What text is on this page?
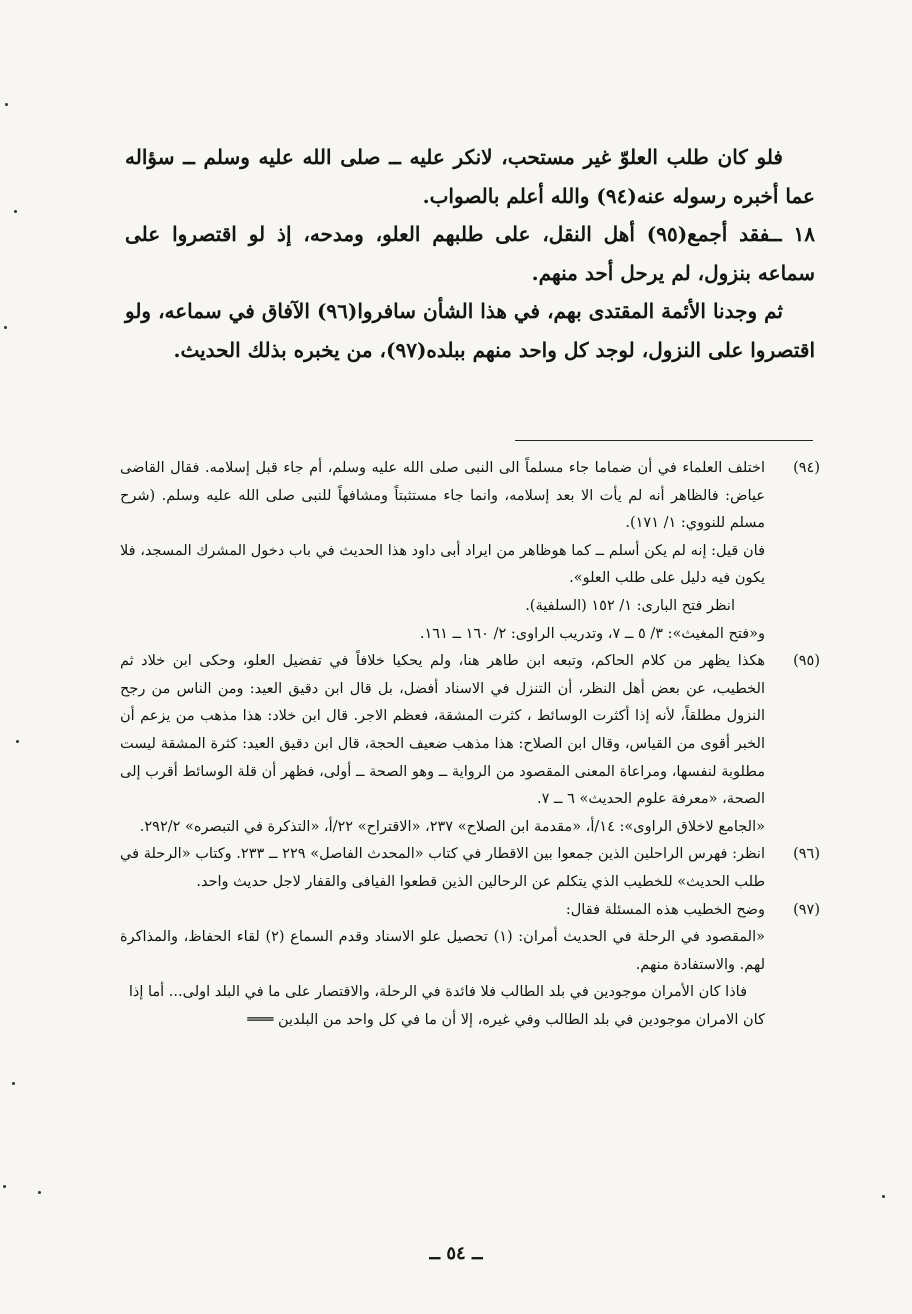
فلو كان طلب العلوّ غير مستحب، لانكر عليه ــ صلى الله عليه وسلم ــ سؤاله عما أخبره رسوله عنه(٩٤) والله أعلم بالصواب.

١٨ ــفقد أجمع(٩٥) أهل النقل، على طلبهم العلو، ومدحه، إذ لو اقتصروا على سماعه بنزول، لم يرحل أحد منهم.

ثم وجدنا الأئمة المقتدى بهم، في هذا الشأن سافروا(٩٦) الآفاق في سماعه، ولو اقتصروا على النزول، لوجد كل واحد منهم ببلده(٩٧)، من يخبره بذلك الحديث.

(٩٤)

اختلف العلماء في أن ضماما جاء مسلماً الى النبى صلى الله عليه وسلم، أم جاء قبل إسلامه. فقال القاضى عياض: فالظاهر أنه لم يأت الا بعد إسلامه، وانما جاء مستثبتاً ومشافهاً للنبى صلى الله عليه وسلم. (شرح مسلم للنووي: ١/ ١٧١).

فان قيل: إنه لم يكن أسلم ــ كما هوظاهر من ايراد أبى داود هذا الحديث في باب دخول المشرك المسجد، فلا يكون فيه دليل على طلب العلو».

انظر فتح البارى: ١/ ١٥٢ (السلفية).

و«فتح المغيث»: ٣/ ٥ ــ ٧، وتدريب الراوى: ٢/ ١٦٠ ــ ١٦١.

(٩٥)

هكذا يظهر من كلام الحاكم، وتبعه ابن طاهر هنا، ولم يحكيا خلافاً في تفضيل العلو، وحكى ابن خلاد ثم الخطيب، عن بعض أهل النظر، أن التنزل في الاسناد أفضل، بل قال ابن دقيق العيد: ومن الناس من رجح النزول مطلقاً، لأنه إذا أكثرت الوسائط ، كثرت المشقة، فعظم الاجر. قال ابن خلاد: هذا مذهب من يزعم أن الخبر أقوى من القياس، وقال ابن الصلاح: هذا مذهب ضعيف الحجة، قال ابن دقيق العيد: كثرة المشقة ليست مطلوبة لنفسها، ومراعاة المعنى المقصود من الرواية ــ وهو الصحة ــ أولى، فظهر أن قلة الوسائط أقرب إلى الصحة، «معرفة علوم الحديث» ٦ ــ ٧.

«الجامع لاخلاق الراوى»: ١٤/أ، «مقدمة ابن الصلاح» ٢٣٧، «الاقتراح» ٢٢/أ، «التذكرة في التبصره» ٢٩٢/٢.

(٩٦)

انظر: فهرس الراحلين الذين جمعوا بين الاقطار في كتاب «المحدث الفاصل» ٢٢٩ ــ ٢٣٣. وكتاب «الرحلة في طلب الحديث» للخطيب الذي يتكلم عن الرحالين الذين قطعوا الفيافى والقفار لاجل حديث واحد.

(٩٧)

وضح الخطيب هذه المسئلة فقال:

«المقصود في الرحلة في الحديث أمران: (١) تحصيل علو الاسناد وقدم السماع (٢) لقاء الحفاظ، والمذاكرة لهم. والاستفادة منهم.

فاذا كان الأمران موجودين في بلد الطالب فلا فائدة في الرحلة، والاقتصار على ما في البلد اولى... أما إذا كان الامران موجودين في بلد الطالب وفي غيره، إلا أن ما في كل واحد من البلدين ═══

ــ ٥٤ ــ
